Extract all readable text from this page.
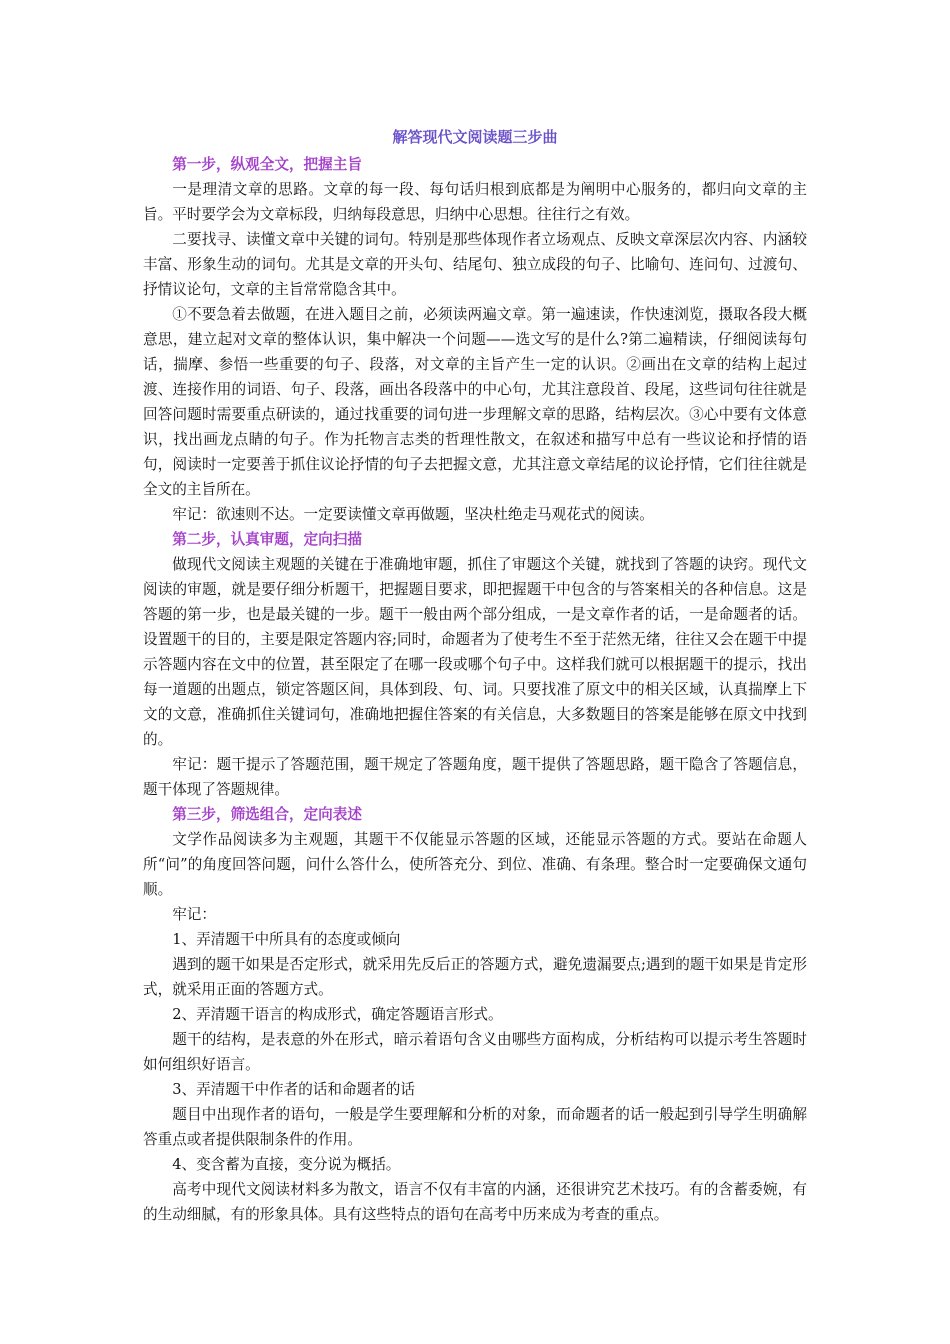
解答现代文阅读题三步曲
第一步，纵观全文，把握主旨

一是理清文章的思路。文章的每一段、每句话归根到底都是为阐明中心服务的，都归向文章的主旨。平时要学会为文章标段，归纳每段意思，归纳中心思想。往往行之有效。

二要找寻、读懂文章中关键的词句。特别是那些体现作者立场观点、反映文章深层次内容、内涵较丰富、形象生动的词句。尤其是文章的开头句、结尾句、独立成段的句子、比喻句、连问句、过渡句、抒情议论句，文章的主旨常常隐含其中。

①不要急着去做题，在进入题目之前，必须读两遍文章。第一遍速读，作快速浏览，摄取各段大概意思，建立起对文章的整体认识，集中解决一个问题——选文写的是什么?第二遍精读，仔细阅读每句话，揣摩、参悟一些重要的句子、段落，对文章的主旨产生一定的认识。②画出在文章的结构上起过渡、连接作用的词语、句子、段落，画出各段落中的中心句，尤其注意段首、段尾，这些词句往往就是回答问题时需要重点研读的，通过找重要的词句进一步理解文章的思路，结构层次。③心中要有文体意识，找出画龙点睛的句子。作为托物言志类的哲理性散文，在叙述和描写中总有一些议论和抒情的语句，阅读时一定要善于抓住议论抒情的句子去把握文意，尤其注意文章结尾的议论抒情，它们往往就是全文的主旨所在。

牢记：欲速则不达。一定要读懂文章再做题，坚决杜绝走马观花式的阅读。

第二步，认真审题，定向扫描

做现代文阅读主观题的关键在于准确地审题，抓住了审题这个关键，就找到了答题的诀窍。现代文阅读的审题，就是要仔细分析题干，把握题目要求，即把握题干中包含的与答案相关的各种信息。这是答题的第一步，也是最关键的一步。题干一般由两个部分组成，一是文章作者的话，一是命题者的话。设置题干的目的，主要是限定答题内容;同时，命题者为了使考生不至于茫然无绪，往往又会在题干中提示答题内容在文中的位置，甚至限定了在哪一段或哪个句子中。这样我们就可以根据题干的提示，找出每一道题的出题点，锁定答题区间，具体到段、句、词。只要找准了原文中的相关区域，认真揣摩上下文的文意，准确抓住关键词句，准确地把握住答案的有关信息，大多数题目的答案是能够在原文中找到的。

牢记：题干提示了答题范围，题干规定了答题角度，题干提供了答题思路，题干隐含了答题信息，题干体现了答题规律。

第三步，筛选组合，定向表述

文学作品阅读多为主观题，其题干不仅能显示答题的区域，还能显示答题的方式。要站在命题人所“问”的角度回答问题，问什么答什么，使所答充分、到位、准确、有条理。整合时一定要确保文通句顺。

牢记：

1、弄清题干中所具有的态度或倾向

遇到的题干如果是否定形式，就采用先反后正的答题方式，避免遗漏要点;遇到的题干如果是肯定形式，就采用正面的答题方式。

2、弄清题干语言的构成形式，确定答题语言形式。

题干的结构，是表意的外在形式，暗示着语句含义由哪些方面构成，分析结构可以提示考生答题时如何组织好语言。

3、弄清题干中作者的话和命题者的话

题目中出现作者的语句，一般是学生要理解和分析的对象，而命题者的话一般起到引导学生明确解答重点或者提供限制条件的作用。

4、变含蓄为直接，变分说为概括。

高考中现代文阅读材料多为散文，语言不仅有丰富的内涵，还很讲究艺术技巧。有的含蓄委婉，有的生动细腻，有的形象具体。具有这些特点的语句在高考中历来成为考查的重点。
